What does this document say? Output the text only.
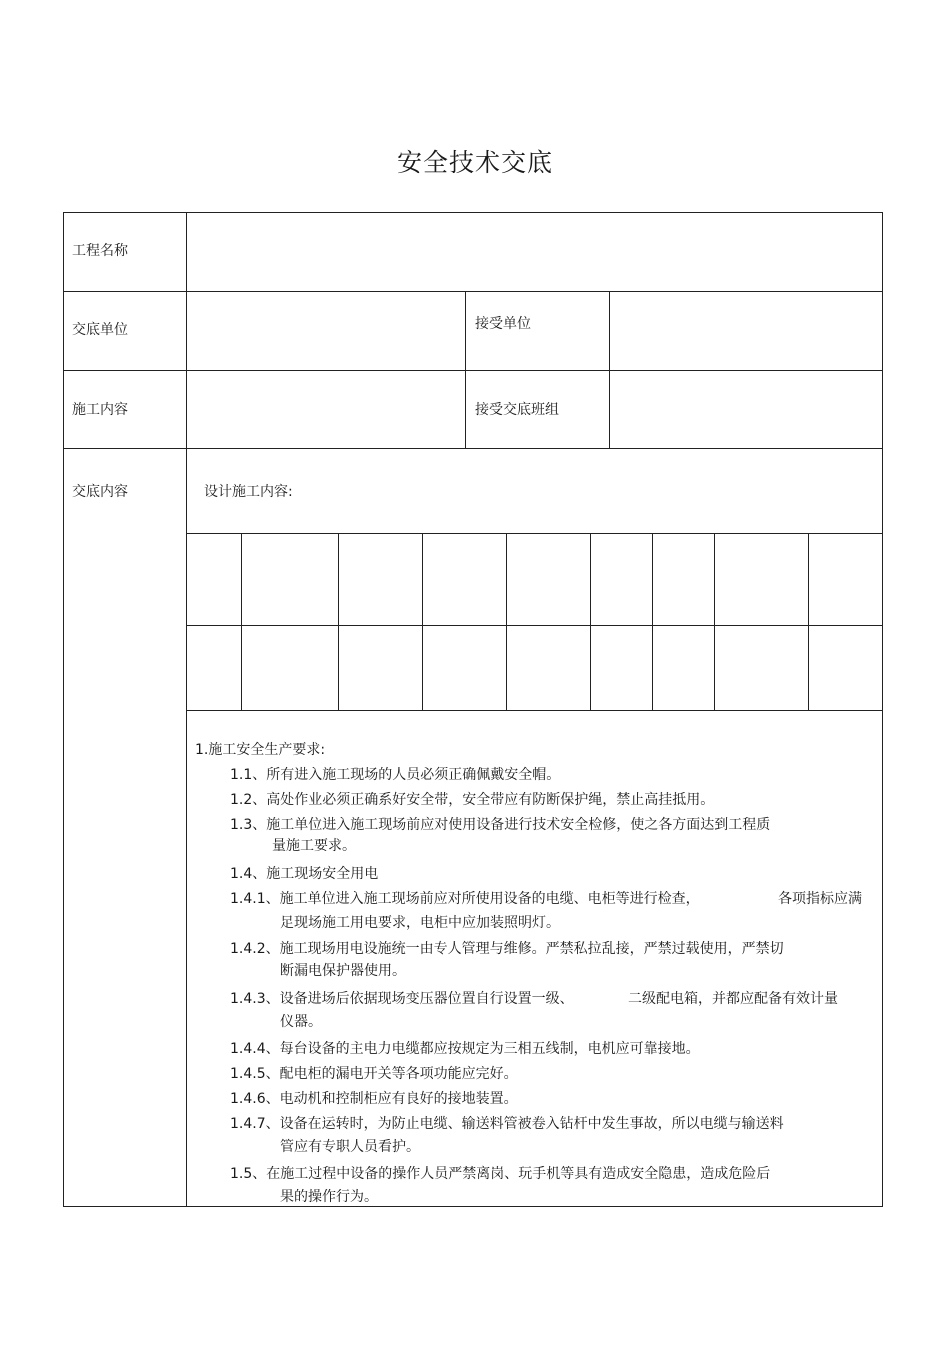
安全技术交底
工程名称
交底单位	接受单位
施工内容	接受交底班组
交底内容	设计施工内容:
1.施工安全生产要求:
1.1、所有进入施工现场的人员必须正确佩戴安全帽。
1.2、高处作业必须正确系好安全带，安全带应有防断保护绳，禁止高挂抵用。
1.3、施工单位进入施工现场前应对使用设备进行技术安全检修，使之各方面达到工程质
量施工要求。
1.4、施工现场安全用电
1.4.1、施工单位进入施工现场前应对所使用设备的电缆、电柜等进行检查，	各项指标应满
足现场施工用电要求，电柜中应加装照明灯。
1.4.2、施工现场用电设施统一由专人管理与维修。严禁私拉乱接，严禁过载使用，严禁切
断漏电保护器使用。
1.4.3、设备进场后依据现场变压器位置自行设置一级、	二级配电箱，并都应配备有效计量
仪器。
1.4.4、每台设备的主电力电缆都应按规定为三相五线制，电机应可靠接地。
1.4.5、配电柜的漏电开关等各项功能应完好。
1.4.6、电动机和控制柜应有良好的接地装置。
1.4.7、设备在运转时，为防止电缆、输送料管被卷入钻杆中发生事故，所以电缆与输送料
管应有专职人员看护。
1.5、在施工过程中设备的操作人员严禁离岗、玩手机等具有造成安全隐患，造成危险后
果的操作行为。
